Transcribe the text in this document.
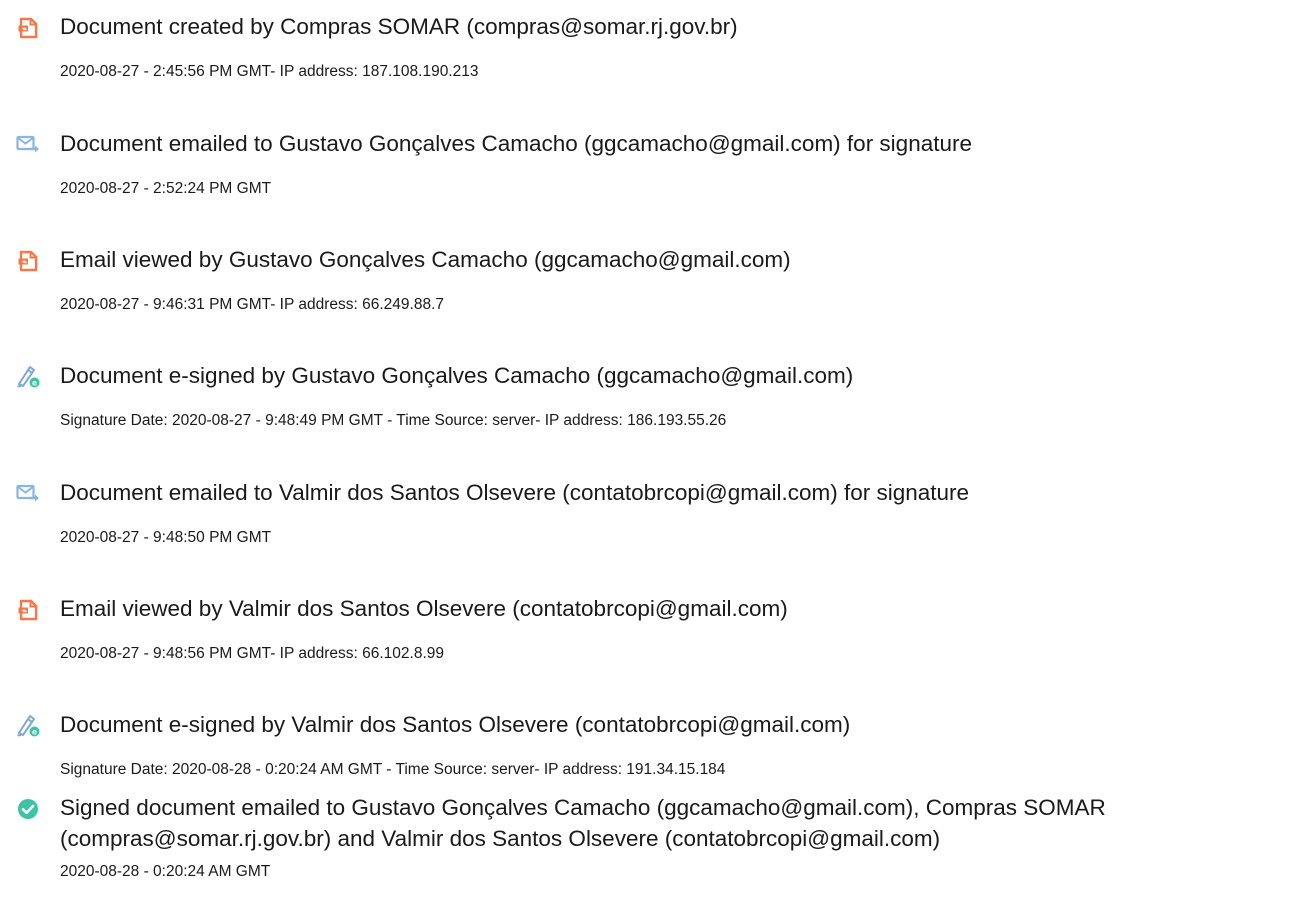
Document created by Compras SOMAR (compras@somar.rj.gov.br)
2020-08-27 - 2:45:56 PM GMT- IP address: 187.108.190.213
Document emailed to Gustavo Gonçalves Camacho (ggcamacho@gmail.com) for signature
2020-08-27 - 2:52:24 PM GMT
Email viewed by Gustavo Gonçalves Camacho (ggcamacho@gmail.com)
2020-08-27 - 9:46:31 PM GMT- IP address: 66.249.88.7
e Document e-signed by Gustavo Gonçalves Camacho (ggcamacho@gmail.com)
Signature Date: 2020-08-27 - 9:48:49 PM GMT - Time Source: server- IP address: 186.193.55.26
Document emailed to Valmir dos Santos Olsevere (contatobrcopi@gmail.com) for signature
2020-08-27 - 9:48:50 PM GMT
Email viewed by Valmir dos Santos Olsevere (contatobrcopi@gmail.com)
2020-08-27 - 9:48:56 PM GMT- IP address: 66.102.8.99
e Document e-signed by Valmir dos Santos Olsevere (contatobrcopi@gmail.com)
Signature Date: 2020-08-28 - 0:20:24 AM GMT - Time Source: server- IP address: 191.34.15.184
Signed document emailed to Gustavo Gonçalves Camacho (ggcamacho@gmail.com), Compras SOMAR (compras@somar.rj.gov.br) and Valmir dos Santos Olsevere (contatobrcopi@gmail.com)
2020-08-28 - 0:20:24 AM GMT
